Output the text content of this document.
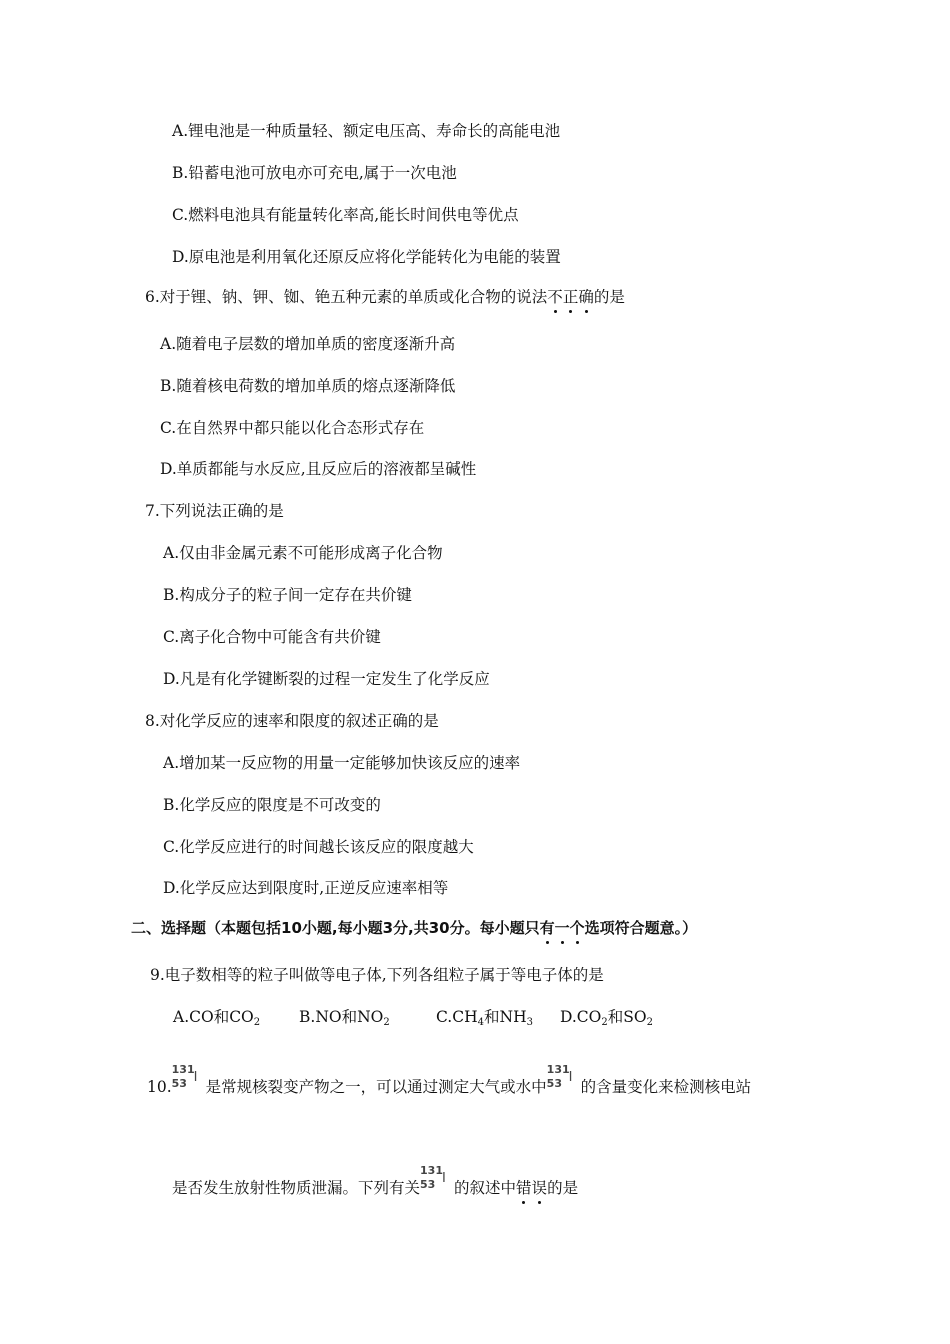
A.锂电池是一种质量轻、额定电压高、寿命长的高能电池
B.铅蓄电池可放电亦可充电,属于一次电池
C.燃料电池具有能量转化率高,能长时间供电等优点
D.原电池是利用氧化还原反应将化学能转化为电能的装置
6.对于锂、钠、钾、铷、铯五种元素的单质或化合物的说法不正确的是
A.随着电子层数的增加单质的密度逐渐升高
B.随着核电荷数的增加单质的熔点逐渐降低
C.在自然界中都只能以化合态形式存在
D.单质都能与水反应,且反应后的溶液都呈碱性
7.下列说法正确的是
A.仅由非金属元素不可能形成离子化合物
B.构成分子的粒子间一定存在共价键
C.离子化合物中可能含有共价键
D.凡是有化学键断裂的过程一定发生了化学反应
8.对化学反应的速率和限度的叙述正确的是
A.增加某一反应物的用量一定能够加快该反应的速率
B.化学反应的限度是不可改变的
C.化学反应进行的时间越长该反应的限度越大
D.化学反应达到限度时,正逆反应速率相等
二、选择题（本题包括10小题,每小题3分,共30分。每小题只有一个选项符合题意。）
9.电子数相等的粒子叫做等电子体,下列各组粒子属于等电子体的是
A.CO和$CO_2$	B.NO和$NO_2$	$C.CH_4$和$NH_3$ $D.CO_2$和$SO_2$
10.
131
53 I
是常规核裂变产物之一，可以通过测定大气或水中
131
53 I
的含量变化来检测核电站
是否发生放射性物质泄漏。下列有关
131
53 I
的叙述中错误的是
